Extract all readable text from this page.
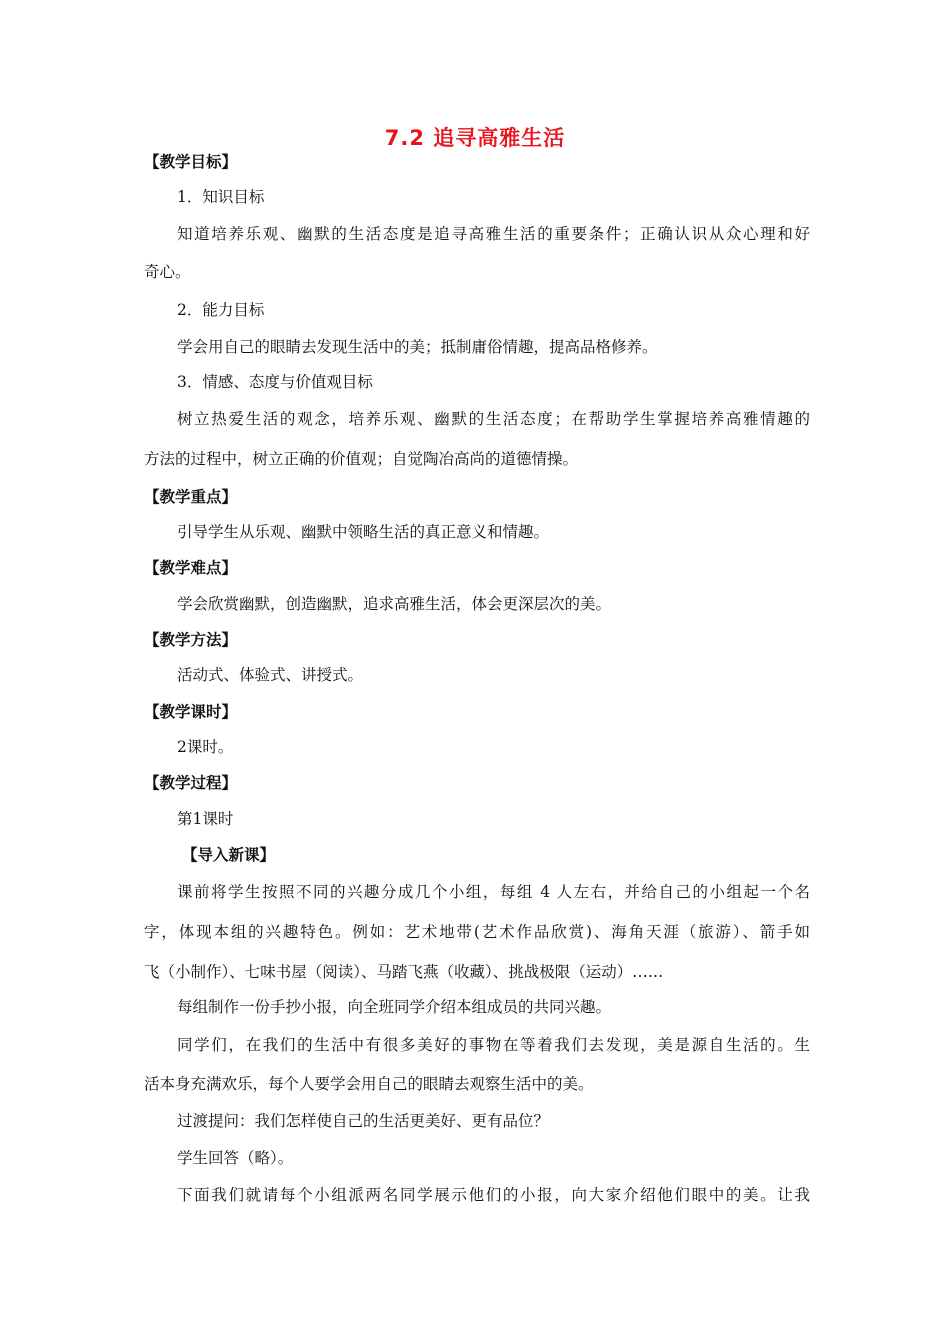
7.2 追寻高雅生活
【教学目标】
1．知识目标
知道培养乐观、幽默的生活态度是追寻高雅生活的重要条件；正确认识从众心理和好
奇心。
2．能力目标
学会用自己的眼睛去发现生活中的美；抵制庸俗情趣，提高品格修养。
3．情感、态度与价值观目标
树立热爱生活的观念，培养乐观、幽默的生活态度；在帮助学生掌握培养高雅情趣的
方法的过程中，树立正确的价值观；自觉陶冶高尚的道德情操。
【教学重点】
引导学生从乐观、幽默中领略生活的真正意义和情趣。
【教学难点】
学会欣赏幽默，创造幽默，追求高雅生活，体会更深层次的美。
【教学方法】
活动式、体验式、讲授式。
【教学课时】
2课时。
【教学过程】
第1课时
【导入新课】
课前将学生按照不同的兴趣分成几个小组，每组 4 人左右，并给自己的小组起一个名
字，体现本组的兴趣特色。例如：艺术地带(艺术作品欣赏)、海角天涯（旅游）、箭手如
飞（小制作）、七味书屋（阅读）、马踏飞燕（收藏）、挑战极限（运动）……
每组制作一份手抄小报，向全班同学介绍本组成员的共同兴趣。
同学们，在我们的生活中有很多美好的事物在等着我们去发现，美是源自生活的。生
活本身充满欢乐，每个人要学会用自己的眼睛去观察生活中的美。
过渡提问：我们怎样使自己的生活更美好、更有品位？
学生回答（略）。
下面我们就请每个小组派两名同学展示他们的小报，向大家介绍他们眼中的美。让我
